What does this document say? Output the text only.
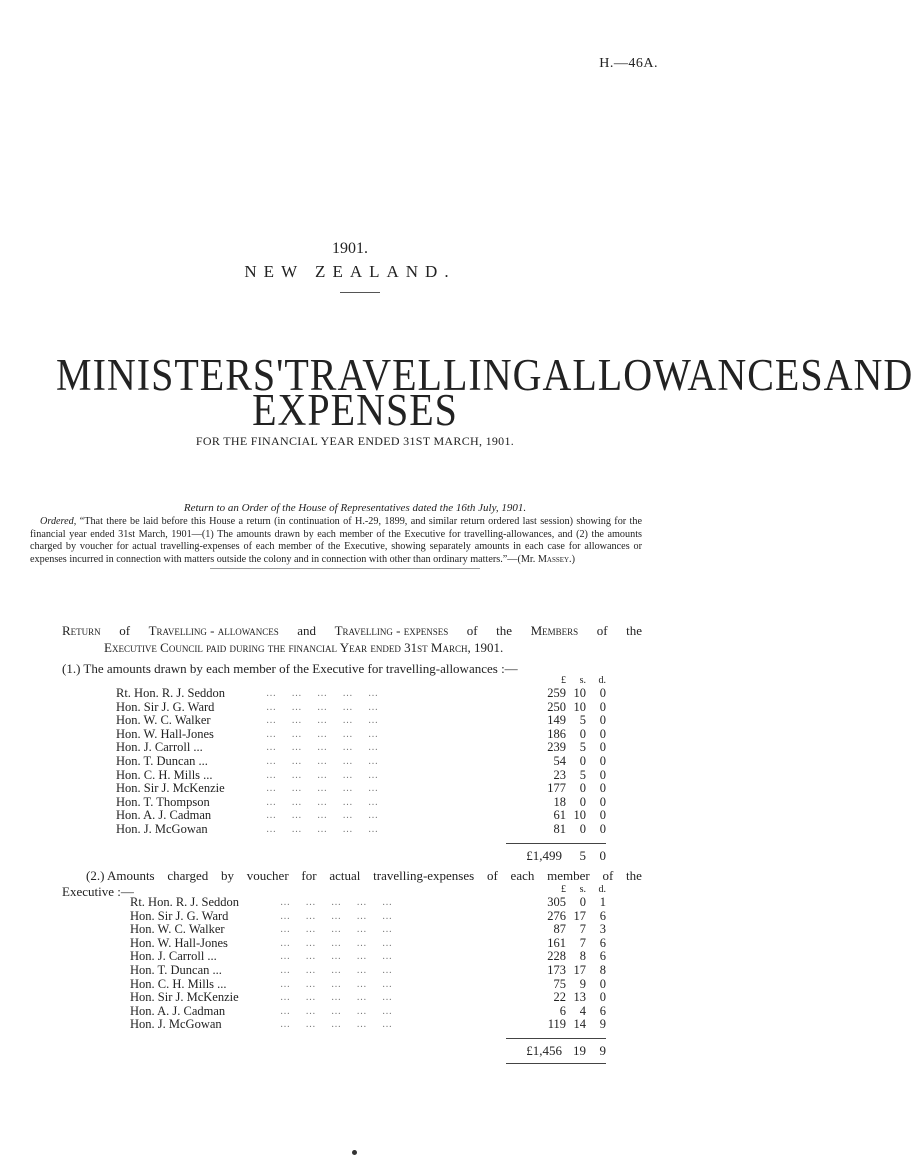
H.—46A.
1901.
NEW ZEALAND.
MINISTERS' TRAVELLING ALLOWANCES AND
EXPENSES
FOR THE FINANCIAL YEAR ENDED 31ST MARCH, 1901.
Return to an Order of the House of Representatives dated the 16th July, 1901.
Ordered, “That there be laid before this House a return (in continuation of H.-29, 1899, and similar return ordered last session) showing for the financial year ended 31st March, 1901—(1) The amounts drawn by each member of the Executive for travelling-allowances, and (2) the amounts charged by voucher for actual travelling-expenses of each member of the Executive, showing separately amounts in each case for allowances or expenses incurred in connection with matters outside the colony and in connection with other than ordinary matters.”—(Mr. Massey.)
Return of Travelling - allowances and Travelling - expenses of the Members of the
Executive Council paid during the financial Year ended 31st March, 1901.
(1.) The amounts drawn by each member of the Executive for travelling-allowances :—
£	s.	d.
Rt. Hon. R. J. Seddon	…   …   …   …   …	259 10	0
Hon. Sir J. G. Ward	…   …   …   …   …	250 10	0
Hon. W. C. Walker	…   …   …   …   …	149	5	0
Hon. W. Hall-Jones	…   …   …   …   …	186	0	0
Hon. J. Carroll ...	…   …   …   …   …	239	5	0
Hon. T. Duncan ...	…   …   …   …   …	54	0	0
Hon. C. H. Mills ...	…   …   …   …   …	23	5	0
Hon. Sir J. McKenzie	…   …   …   …   …	177	0	0
Hon. T. Thompson	…   …   …   …   …	18	0	0
Hon. A. J. Cadman	…   …   …   …   …	61 10	0
Hon. J. McGowan	…   …   …   …   …	81	0	0
£1,499	5	0
(2.) Amounts charged by voucher for actual travelling-expenses of each member of the
Executive :—	£	s.	d.
Rt. Hon. R. J. Seddon	…   …   …   …   …	305	0	1
Hon. Sir J. G. Ward	…   …   …   …   …	276 17	6
Hon. W. C. Walker	…   …   …   …   …	87	7	3
Hon. W. Hall-Jones	…   …   …   …   …	161	7	6
Hon. J. Carroll ...	…   …   …   …   …	228	8	6
Hon. T. Duncan ...	…   …   …   …   …	173 17	8
Hon. C. H. Mills ...	…   …   …   …   …	75	9	0
Hon. Sir J. McKenzie	…   …   …   …   …	22 13	0
Hon. A. J. Cadman	…   …   …   …   …	6	4	6
Hon. J. McGowan	…   …   …   …   …	119 14	9
£1,456 19	9
